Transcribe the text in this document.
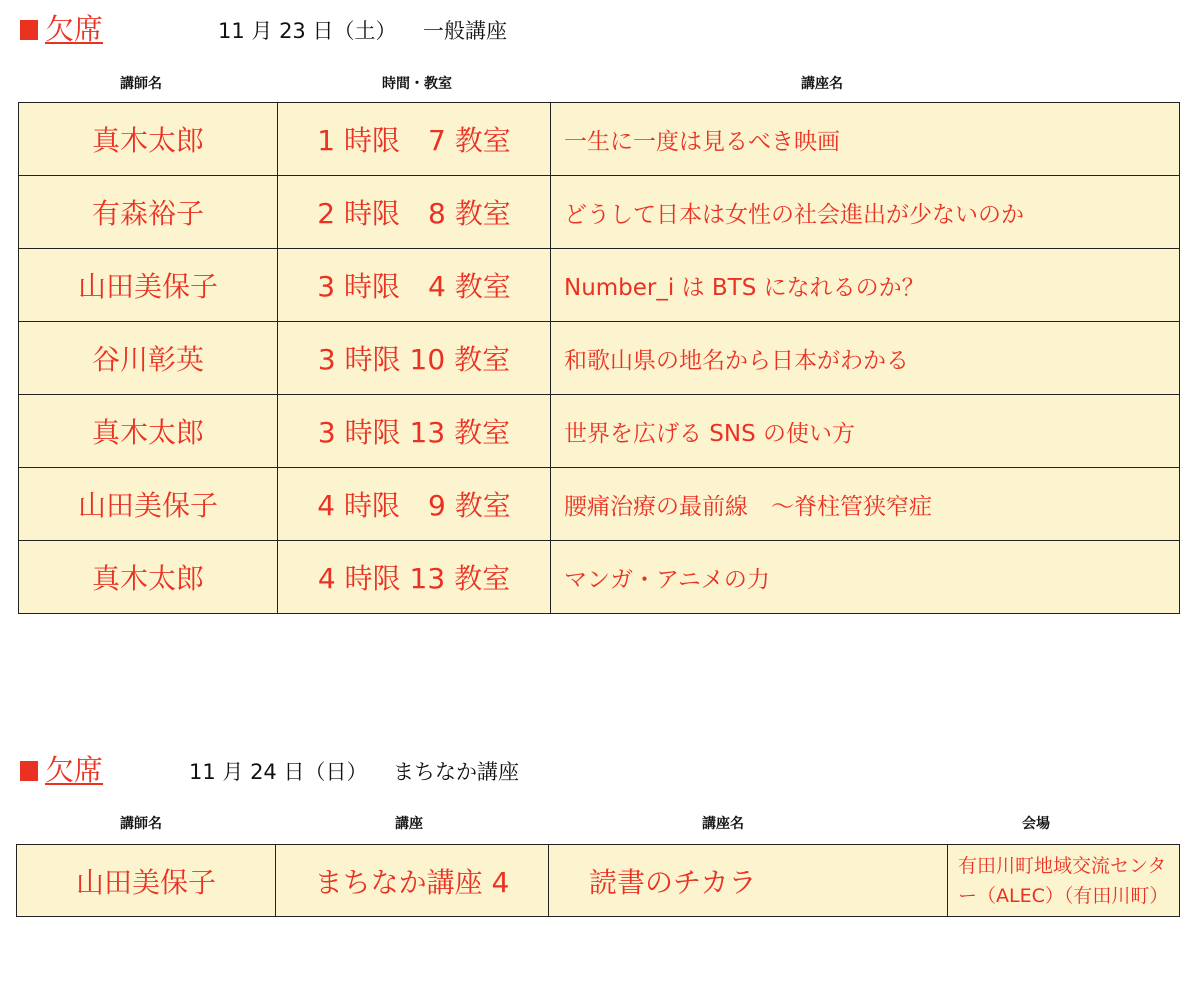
欠席	11 月 23 日（土） 一般講座
講師名	時間・教室	講座名
真木太郎	1 時限　7 教室	一生に一度は見るべき映画
有森裕子	2 時限　8 教室	どうして日本は女性の社会進出が少ないのか
山田美保子	3 時限　4 教室	Number_i は BTS になれるのか？
谷川彰英	3 時限 10 教室	和歌山県の地名から日本がわかる
真木太郎	3 時限 13 教室	世界を広げる SNS の使い方
山田美保子	4 時限　9 教室	腰痛治療の最前線　～脊柱管狭窄症
真木太郎	4 時限 13 教室	マンガ・アニメの力
欠席	11 月 24 日（日） まちなか講座
講師名	講座	講座名	会場
山田美保子	まちなか講座 4	読書のチカラ	有田川町地域交流センタ
ー（ALEC）（有田川町）
